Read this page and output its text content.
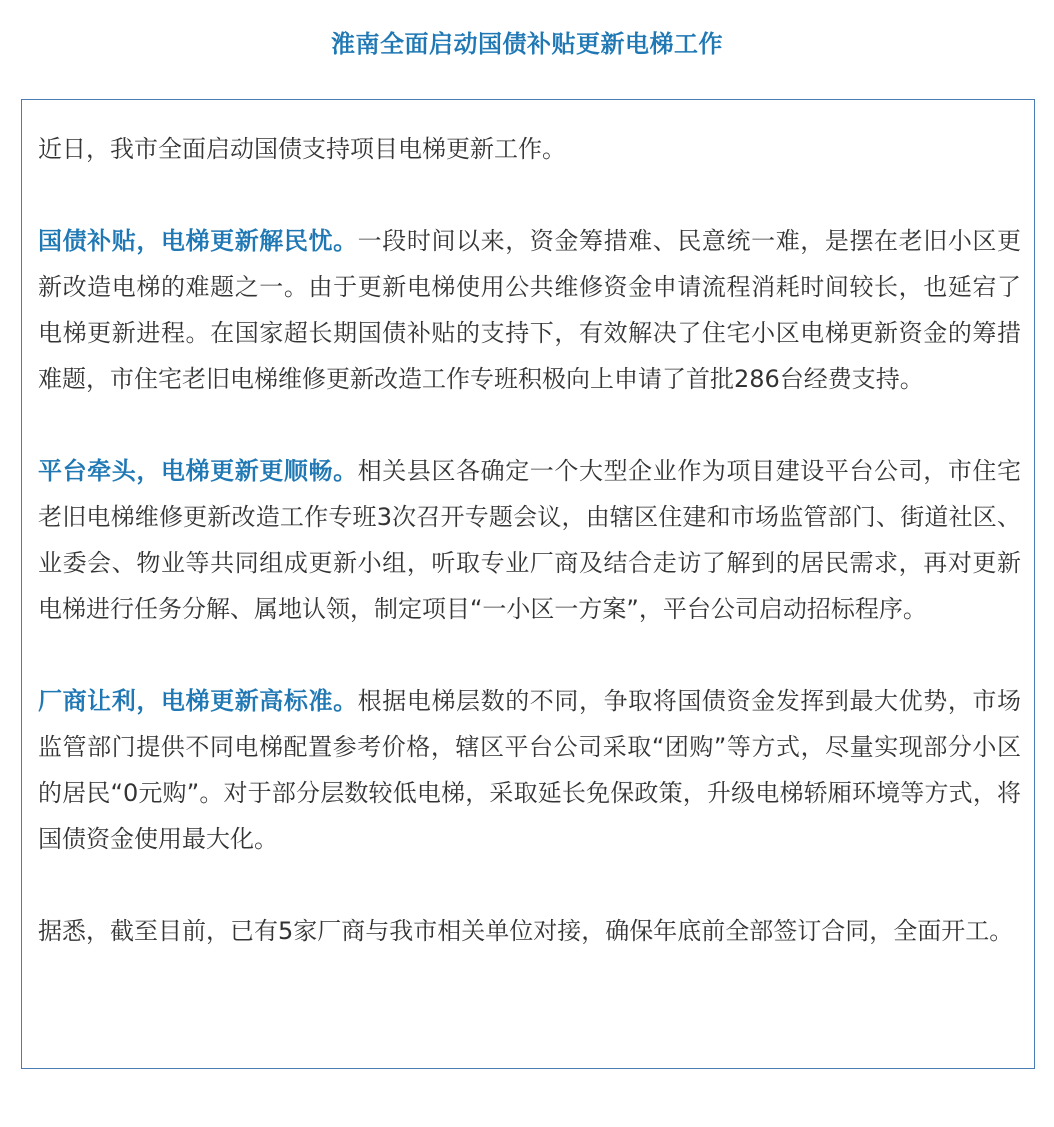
淮南全面启动国债补贴更新电梯工作

近日，我市全面启动国债支持项目电梯更新工作。

国债补贴，电梯更新解民忧。一段时间以来，资金筹措难、民意统一难，是摆在老旧小区更新改造电梯的难题之一。由于更新电梯使用公共维修资金申请流程消耗时间较长，也延宕了电梯更新进程。在国家超长期国债补贴的支持下，有效解决了住宅小区电梯更新资金的筹措难题，市住宅老旧电梯维修更新改造工作专班积极向上申请了首批286台经费支持。

平台牵头，电梯更新更顺畅。相关县区各确定一个大型企业作为项目建设平台公司，市住宅老旧电梯维修更新改造工作专班3次召开专题会议，由辖区住建和市场监管部门、街道社区、业委会、物业等共同组成更新小组，听取专业厂商及结合走访了解到的居民需求，再对更新电梯进行任务分解、属地认领，制定项目“一小区一方案”，平台公司启动招标程序。

厂商让利，电梯更新高标准。根据电梯层数的不同，争取将国债资金发挥到最大优势，市场监管部门提供不同电梯配置参考价格，辖区平台公司采取“团购”等方式，尽量实现部分小区的居民“0元购”。对于部分层数较低电梯，采取延长免保政策，升级电梯轿厢环境等方式，将国债资金使用最大化。

据悉，截至目前，已有5家厂商与我市相关单位对接，确保年底前全部签订合同，全面开工。
